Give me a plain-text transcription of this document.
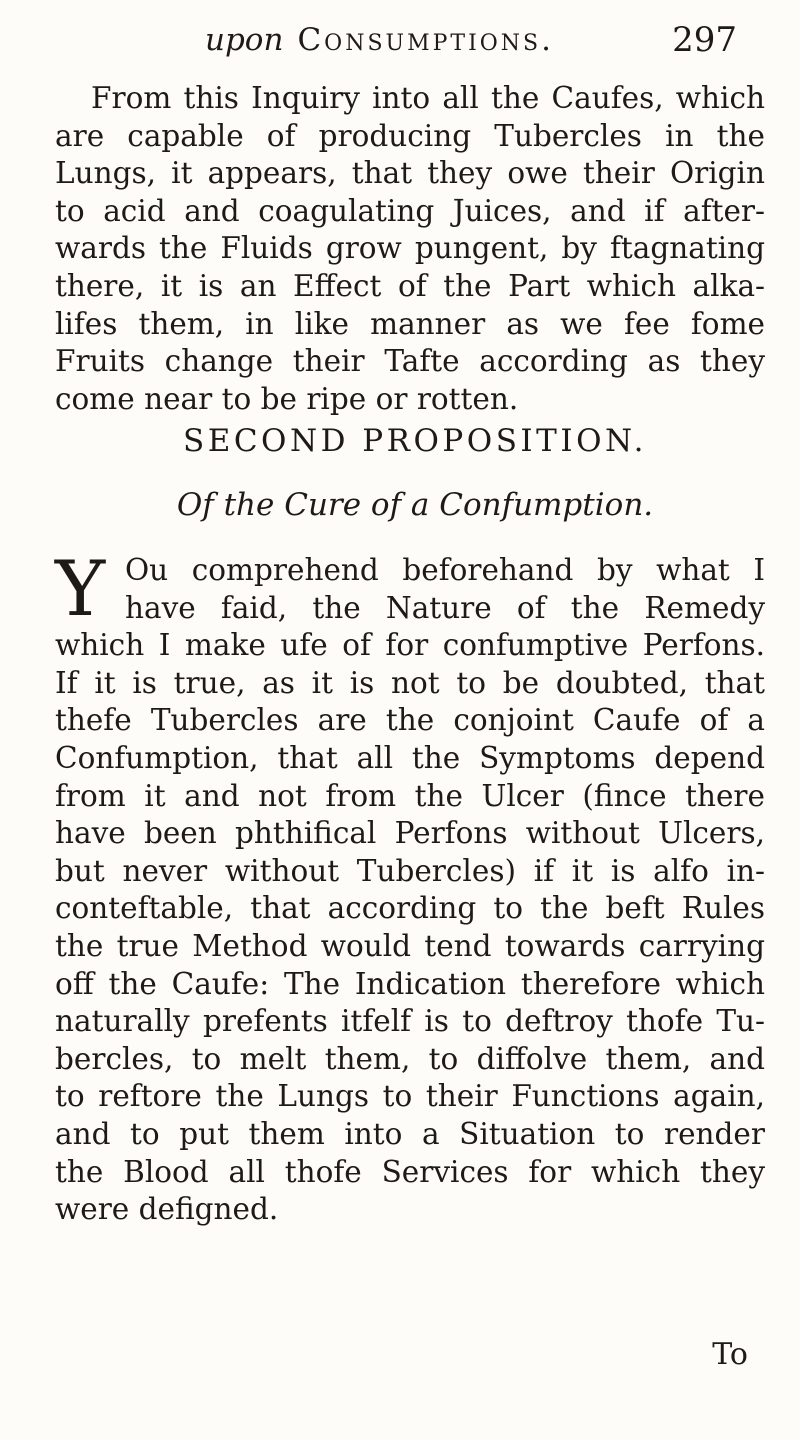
upon Consumptions.	297
From this Inquiry into all the Caufes, which
are capable of producing Tubercles in the
Lungs, it appears, that they owe their Origin
to acid and coagulating Juices, and if after-
wards the Fluids grow pungent, by ftagnating
there, it is an Effect of the Part which alka-
lifes them, in like manner as we fee fome
Fruits change their Tafte according as they
come near to be ripe or rotten.
SECOND PROPOSITION.
Of the Cure of a Confumption.
Y Ou comprehend beforehand by what I
have faid, the Nature of the Remedy
which I make ufe of for confumptive Perfons.
If it is true, as it is not to be doubted, that
thefe Tubercles are the conjoint Caufe of a
Confumption, that all the Symptoms depend
from it and not from the Ulcer (fince there
have been phthifical Perfons without Ulcers,
but never without Tubercles) if it is alfo in-
conteftable, that according to the beft Rules
the true Method would tend towards carrying
off the Caufe: The Indication therefore which
naturally prefents itfelf is to deftroy thofe Tu-
bercles, to melt them, to diffolve them, and
to reftore the Lungs to their Functions again,
and to put them into a Situation to render
the Blood all thofe Services for which they
were defigned.
To
